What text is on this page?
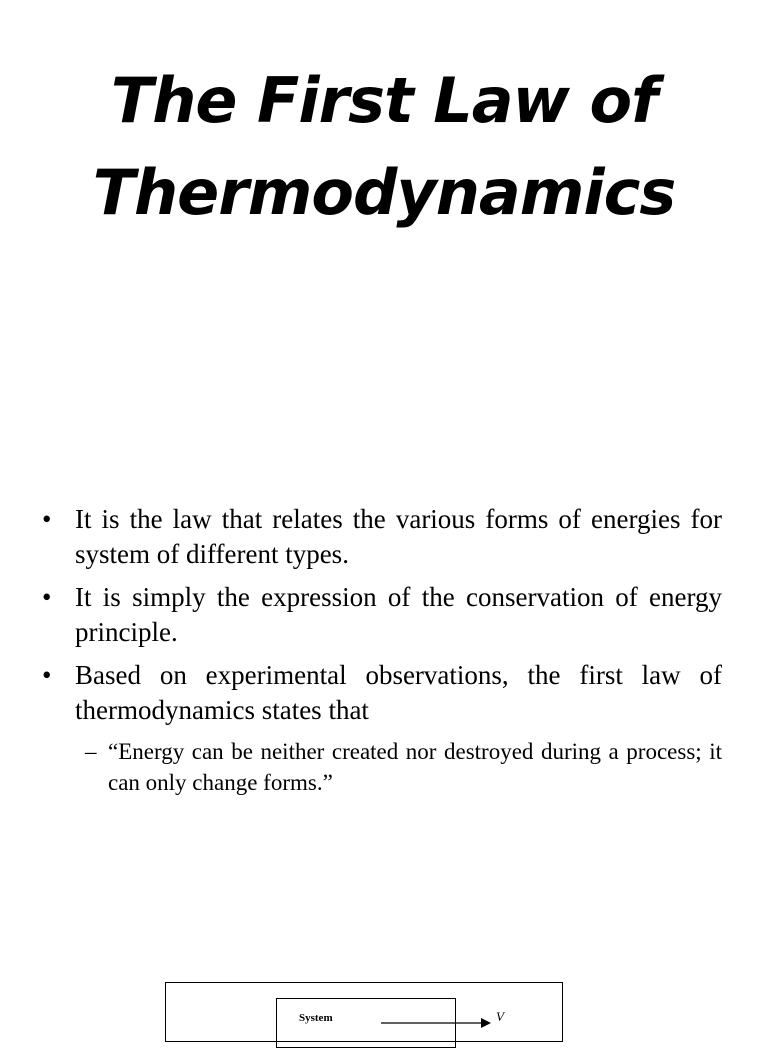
The First Law of
Thermodynamics
• It is the law that relates the various forms of energies for system of different types.
• It is simply the expression of the conservation of energy principle.
• Based on experimental observations, the first law of thermodynamics states that
– “Energy can be neither created nor destroyed during a process; it can only change forms.”
System	V⃗
